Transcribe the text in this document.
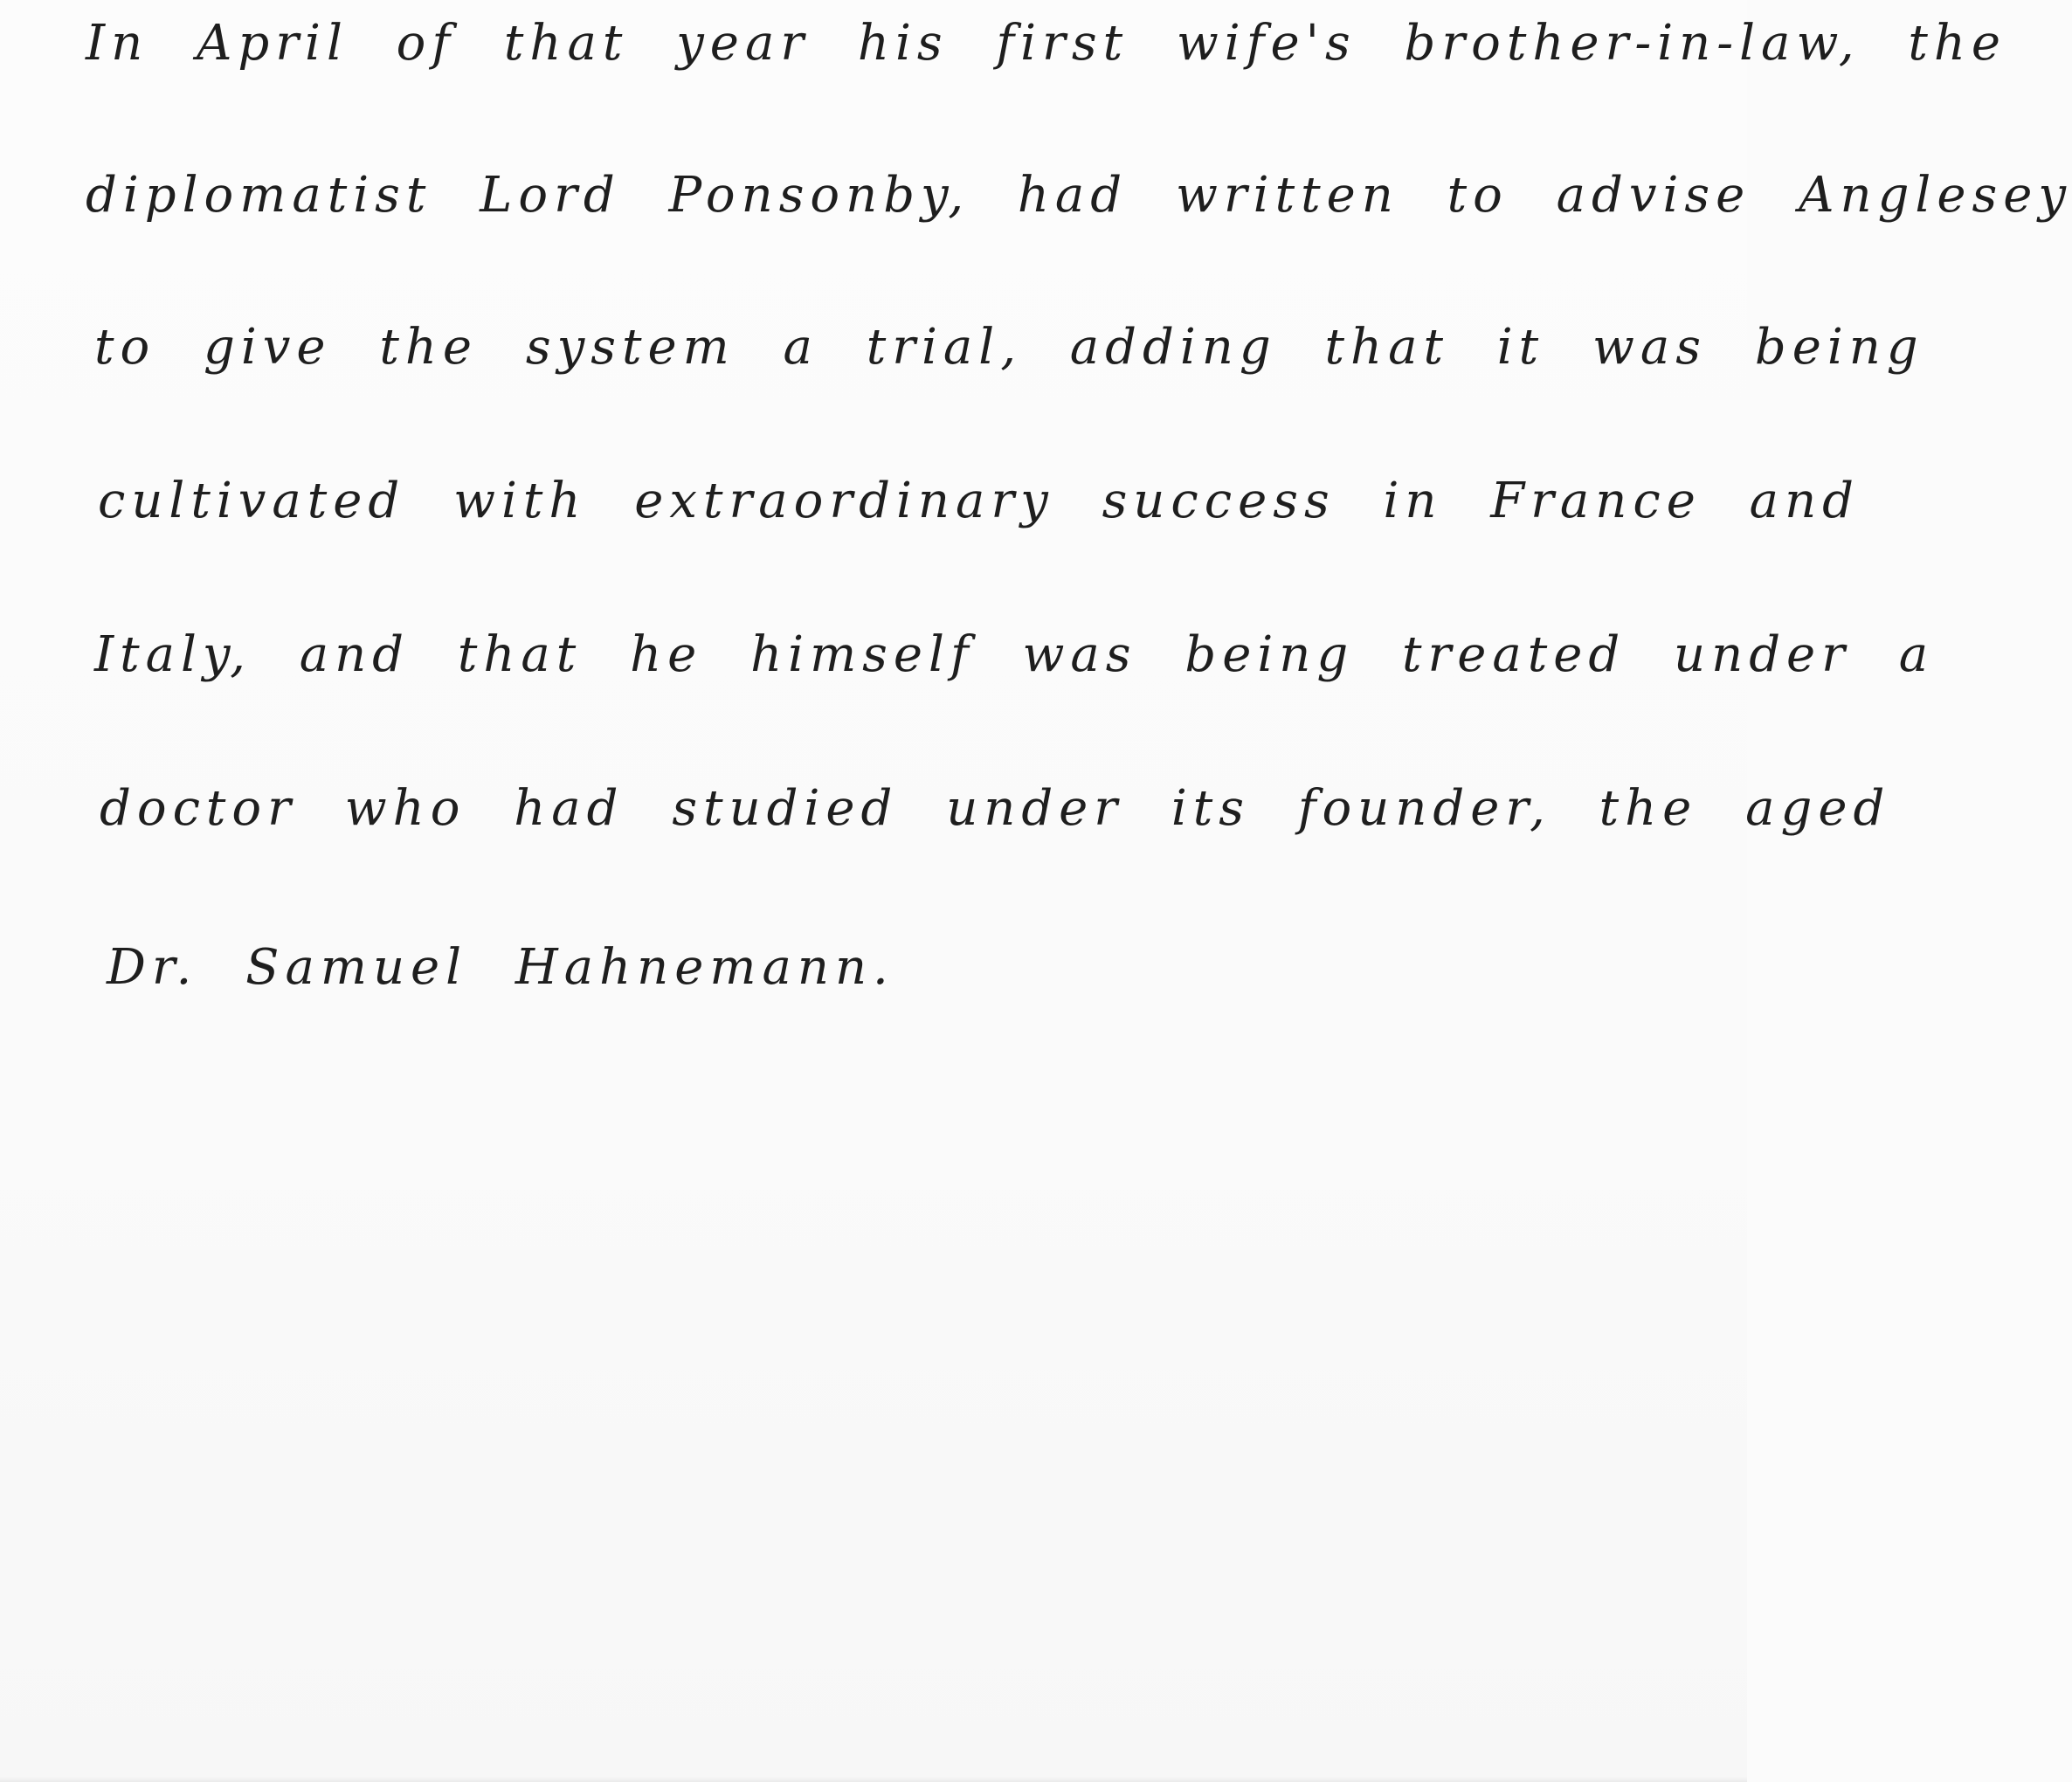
In April of that year his first wife's brother-in-law, the
diplomatist Lord Ponsonby, had written to advise Anglesey
to give the system a trial, adding that it was being
cultivated with extraordinary success in France and
Italy, and that he himself was being treated under a
doctor who had studied under its founder, the aged
Dr. Samuel Hahnemann.
